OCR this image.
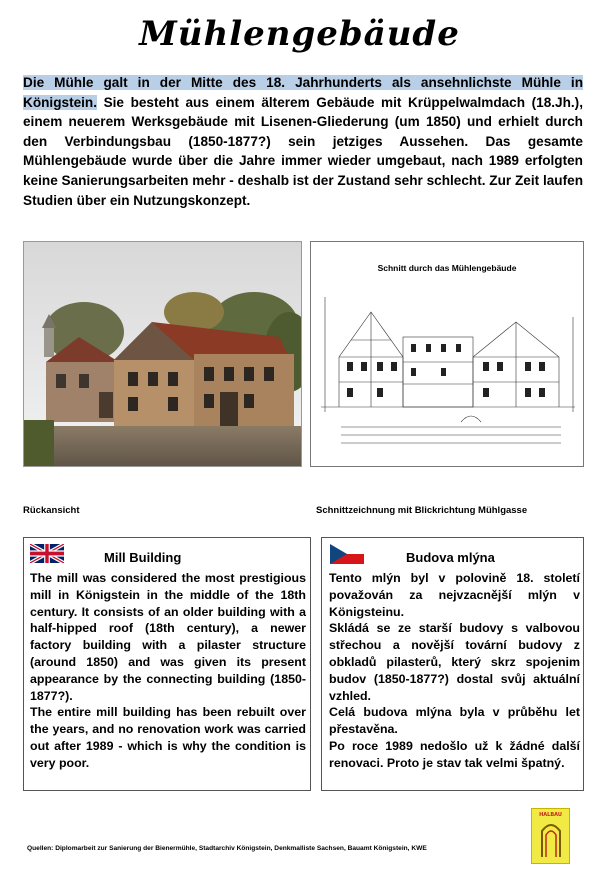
Mühlengebäude
Die Mühle galt in der Mitte des 18. Jahrhunderts als ansehnlichste Mühle in Königstein. Sie besteht aus einem älterem Gebäude mit Krüppelwalmdach (18.Jh.), einem neuerem Werksgebäude mit Lisenen-Gliederung (um 1850) und erhielt durch den Verbindungsbau (1850-1877?) sein jetziges Aussehen. Das gesamte Mühlengebäude wurde über die Jahre immer wieder umgebaut, nach 1989 erfolgten keine Sanierungsarbeiten mehr - deshalb ist der Zustand sehr schlecht. Zur Zeit laufen Studien über ein Nutzungskonzept.
Schnitt durch das Mühlengebäude
Rückansicht	Schnittzeichnung mit Blickrichtung Mühlgasse
Mill Building

The mill was considered the most prestigious mill in Königstein in the middle of the 18th century. It consists of an older building with a half-hipped roof (18th century), a newer factory building with a pilaster structure (around 1850) and was given its present appearance by the connecting building (1850-1877?).

The entire mill building has been rebuilt over the years, and no renovation work was carried out after 1989 - which is why the condition is very poor.

Budova mlýna

Tento mlýn byl v polovině 18. století považován za nejvzacnější mlýn v Königsteinu.

Skládá se ze starší budovy s valbovou střechou a novější tovární budovy z obkladů pilasterů, který skrz spojenim budov (1850-1877?) dostal svůj aktuální vzhled.

Celá budova mlýna byla v průběhu let přestavěna.

Po roce 1989 nedošlo už k žádné další renovaci. Proto je stav tak velmi špatný.

Quellen: Diplomarbeit zur Sanierung der Bienermühle, Stadtarchiv Königstein, Denkmalliste Sachsen, Bauamt Königstein, KWE
HALBAU
